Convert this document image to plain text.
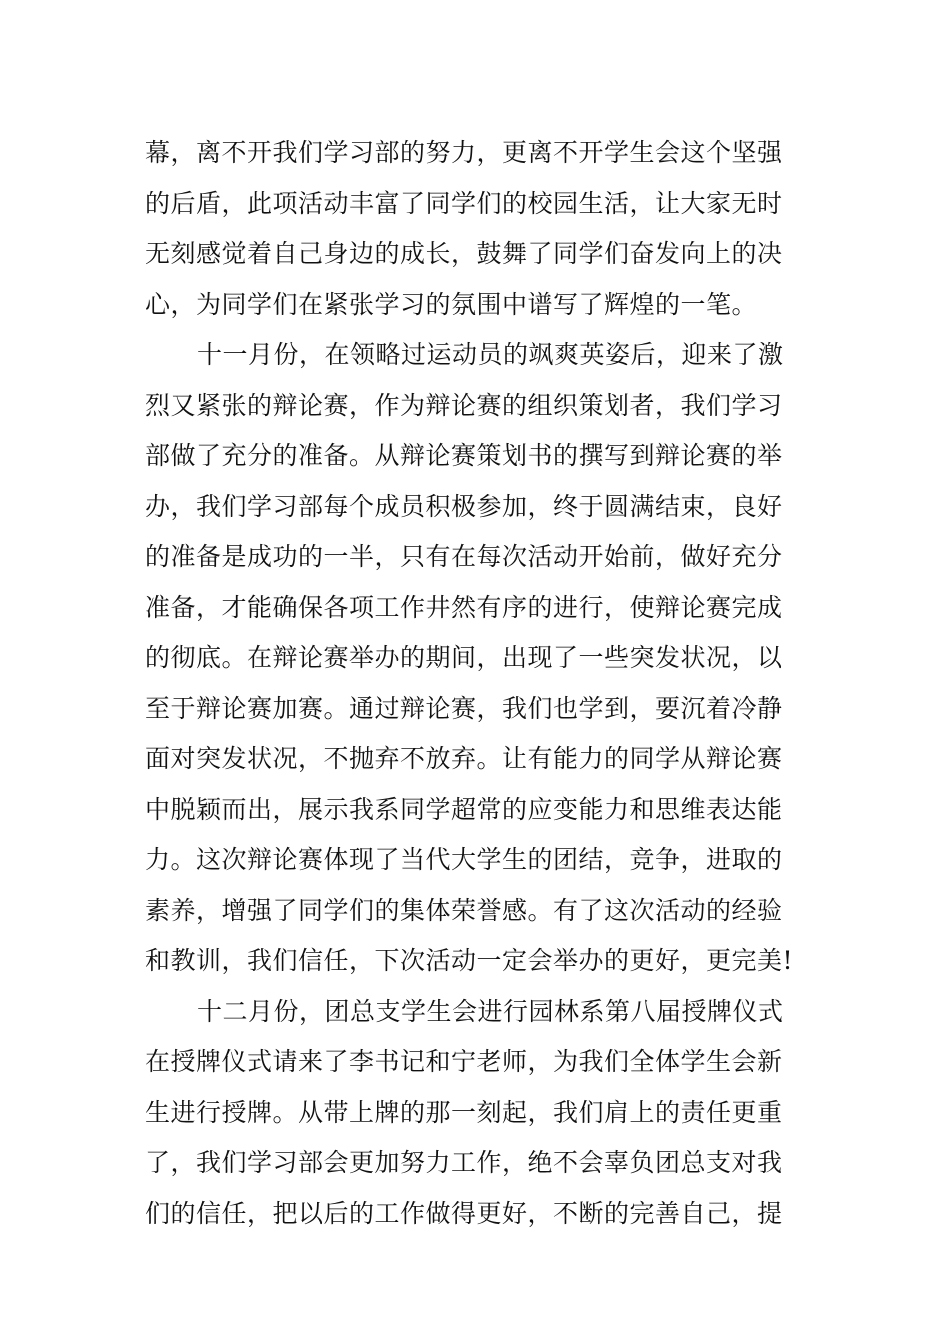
幕，离不开我们学习部的努力，更离不开学生会这个坚强
的后盾，此项活动丰富了同学们的校园生活，让大家无时
无刻感觉着自己身边的成长，鼓舞了同学们奋发向上的决
心，为同学们在紧张学习的氛围中谱写了辉煌的一笔。
十一月份，在领略过运动员的飒爽英姿后，迎来了激
烈又紧张的辩论赛，作为辩论赛的组织策划者，我们学习
部做了充分的准备。从辩论赛策划书的撰写到辩论赛的举
办，我们学习部每个成员积极参加，终于圆满结束，良好
的准备是成功的一半，只有在每次活动开始前，做好充分
准备，才能确保各项工作井然有序的进行，使辩论赛完成
的彻底。在辩论赛举办的期间，出现了一些突发状况，以
至于辩论赛加赛。通过辩论赛，我们也学到，要沉着冷静
面对突发状况，不抛弃不放弃。让有能力的同学从辩论赛
中脱颖而出，展示我系同学超常的应变能力和思维表达能
力。这次辩论赛体现了当代大学生的团结，竞争，进取的
素养，增强了同学们的集体荣誉感。有了这次活动的经验
和教训，我们信任，下次活动一定会举办的更好，更完美!
十二月份，团总支学生会进行园林系第八届授牌仪式
在授牌仪式请来了李书记和宁老师，为我们全体学生会新
生进行授牌。从带上牌的那一刻起，我们肩上的责任更重
了，我们学习部会更加努力工作，绝不会辜负团总支对我
们的信任，把以后的工作做得更好，不断的完善自己，提
